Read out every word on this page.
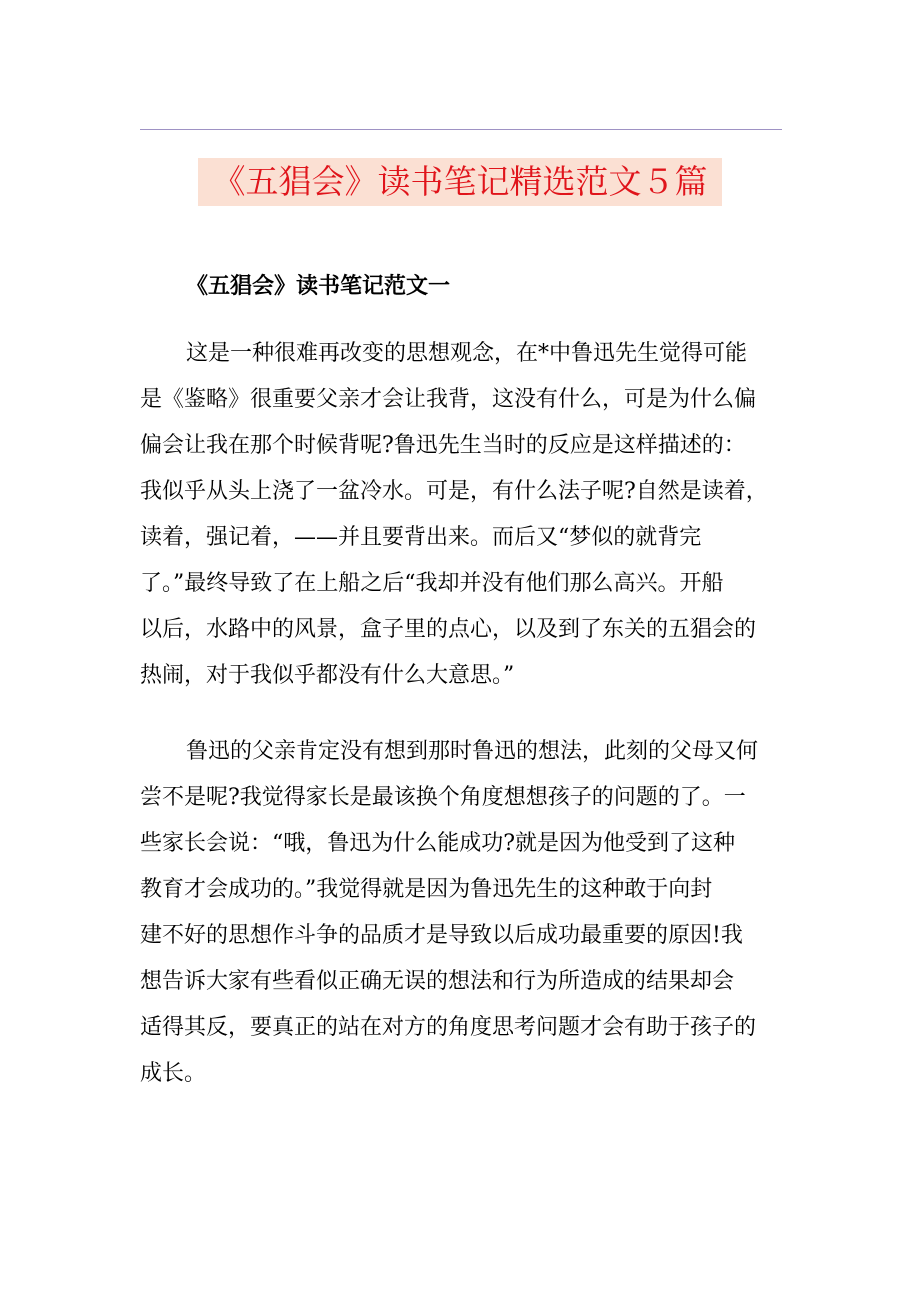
《五猖会》读书笔记精选范文５篇
《五猖会》读书笔记范文一
这是一种很难再改变的思想观念，在*中鲁迅先生觉得可能
是《鉴略》很重要父亲才会让我背，这没有什么，可是为什么偏
偏会让我在那个时候背呢?鲁迅先生当时的反应是这样描述的：
我似乎从头上浇了一盆冷水。可是，有什么法子呢?自然是读着，
读着，强记着，——并且要背出来。而后又“梦似的就背完
了。”最终导致了在上船之后“我却并没有他们那么高兴。开船
以后，水路中的风景，盒子里的点心，以及到了东关的五猖会的
热闹，对于我似乎都没有什么大意思。”
鲁迅的父亲肯定没有想到那时鲁迅的想法，此刻的父母又何
尝不是呢?我觉得家长是最该换个角度想想孩子的问题的了。一
些家长会说：“哦，鲁迅为什么能成功?就是因为他受到了这种
教育才会成功的。”我觉得就是因为鲁迅先生的这种敢于向封
建不好的思想作斗争的品质才是导致以后成功最重要的原因!我
想告诉大家有些看似正确无误的想法和行为所造成的结果却会
适得其反，要真正的站在对方的角度思考问题才会有助于孩子的
成长。
